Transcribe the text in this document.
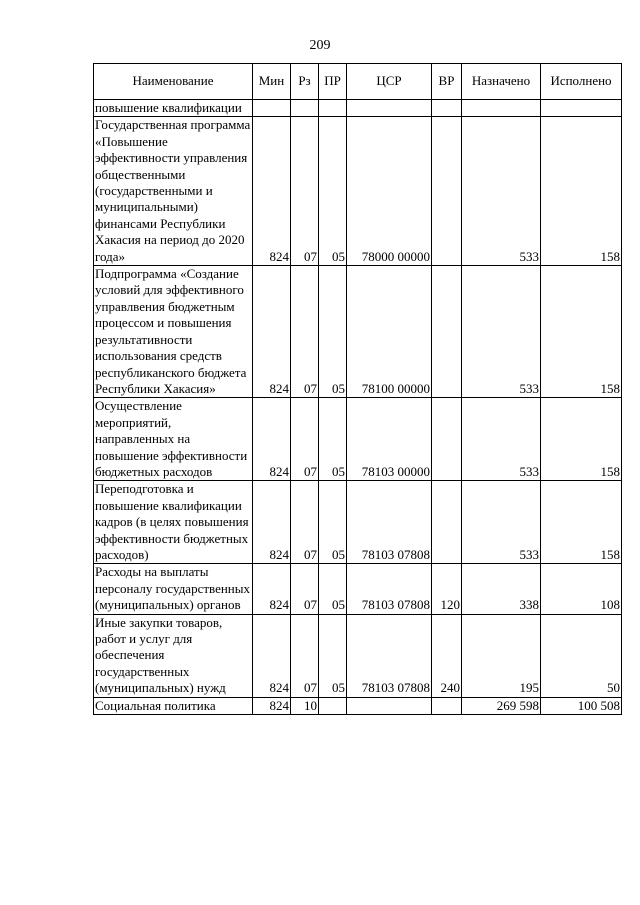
209
Наименование	Мин	Рз	ПР	ЦСР	ВР	Назначено	Исполнено
повышение квалификации							
Государственная программа «Повышение эффективности управления общественными (государственными и муниципальными) финансами Республики Хакасия на период до 2020 года»	824	07	05	78000 00000		533	158
Подпрограмма «Создание условий для эффективного управлвения бюджетным процессом и повышения результативности использования средств республиканского бюджета Республики Хакасия»	824	07	05	78100 00000		533	158
Осуществление мероприятий, направленных на повышение эффективности бюджетных расходов	824	07	05	78103 00000		533	158
Переподготовка и повышение квалификации кадров (в целях повышения эффективности бюджетных расходов)	824	07	05	78103 07808		533	158
Расходы на выплаты персоналу государственных (муниципальных) органов	824	07	05	78103 07808	120	338	108
Иные закупки товаров, работ и услуг для обеспечения государственных (муниципальных) нужд	824	07	05	78103 07808	240	195	50
Социальная политика	824	10				269 598	100 508
